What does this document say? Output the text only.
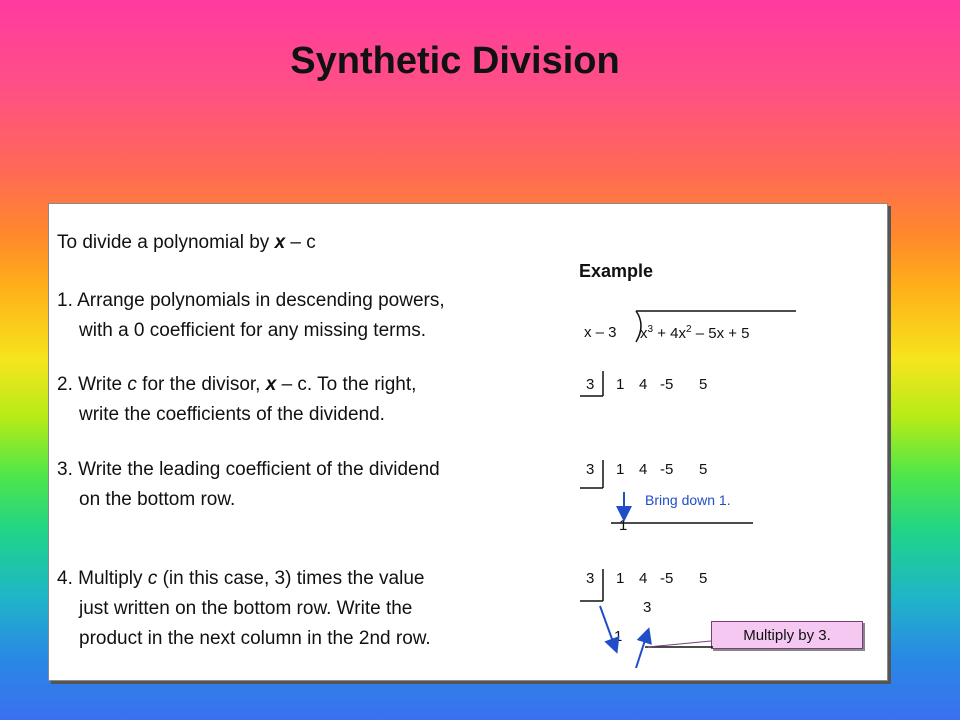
Synthetic Division
To divide a polynomial by x – c
Example
1. Arrange polynomials in descending powers,
with a 0 coefficient for any missing terms.
2. Write c for the divisor, x – c. To the right,
write the coefficients of the dividend.
3. Write the leading coefficient of the dividend
on the bottom row.
4. Multiply c (in this case, 3) times the value
just written on the bottom row. Write the
product in the next column in the 2nd row.
x – 3 $x^3 + 4x^2 - 5x + 5$
3 1 4 -5 5
3 1 4 -5 5
Bring down 1.
1
3 1 4 -5 5
3
1	Multiply by 3.
